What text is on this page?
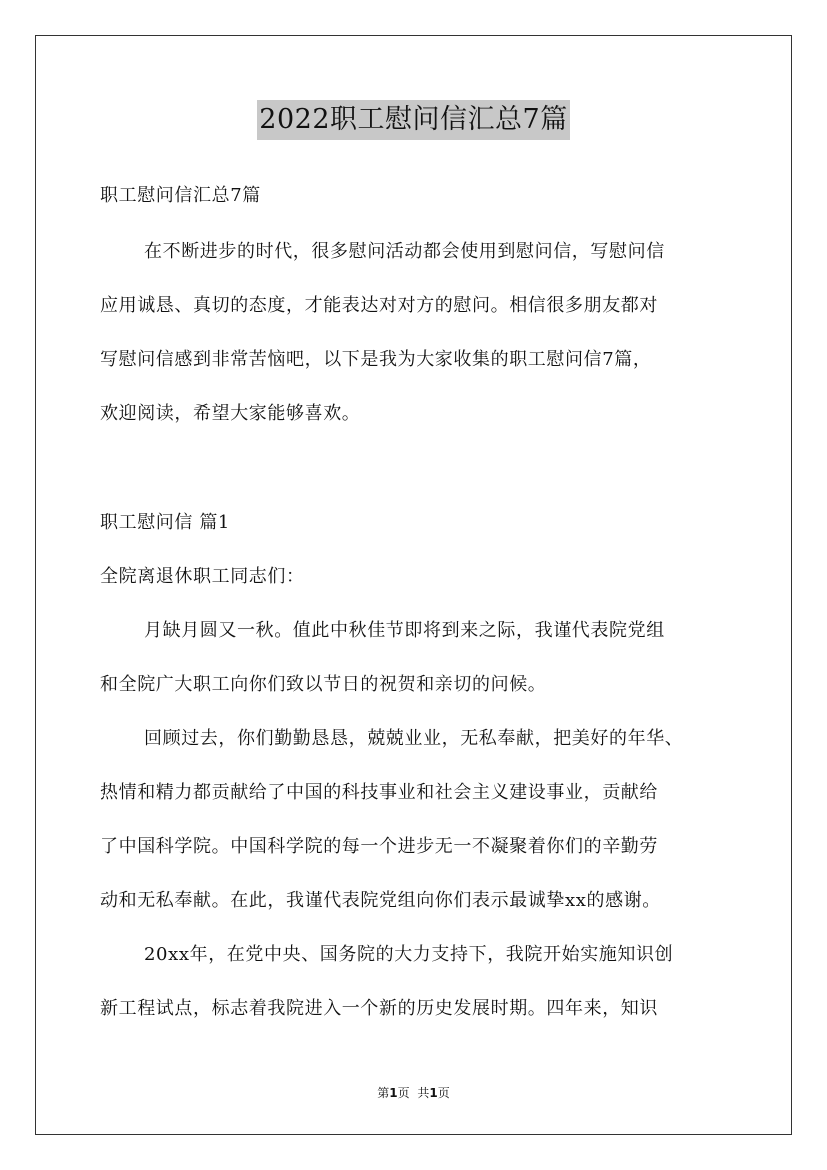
2022职工慰问信汇总7篇
职工慰问信汇总7篇
在不断进步的时代，很多慰问活动都会使用到慰问信，写慰问信
应用诚恳、真切的态度，才能表达对对方的慰问。相信很多朋友都对
写慰问信感到非常苦恼吧，以下是我为大家收集的职工慰问信7篇，
欢迎阅读，希望大家能够喜欢。
职工慰问信 篇1
全院离退休职工同志们：
月缺月圆又一秋。值此中秋佳节即将到来之际，我谨代表院党组
和全院广大职工向你们致以节日的祝贺和亲切的问候。
回顾过去，你们勤勤恳恳，兢兢业业，无私奉献，把美好的年华、
热情和精力都贡献给了中国的科技事业和社会主义建设事业，贡献给
了中国科学院。中国科学院的每一个进步无一不凝聚着你们的辛勤劳
动和无私奉献。在此，我谨代表院党组向你们表示最诚挚xx的感谢。
20xx年，在党中央、国务院的大力支持下，我院开始实施知识创
新工程试点，标志着我院进入一个新的历史发展时期。四年来，知识
第1页 共1页
